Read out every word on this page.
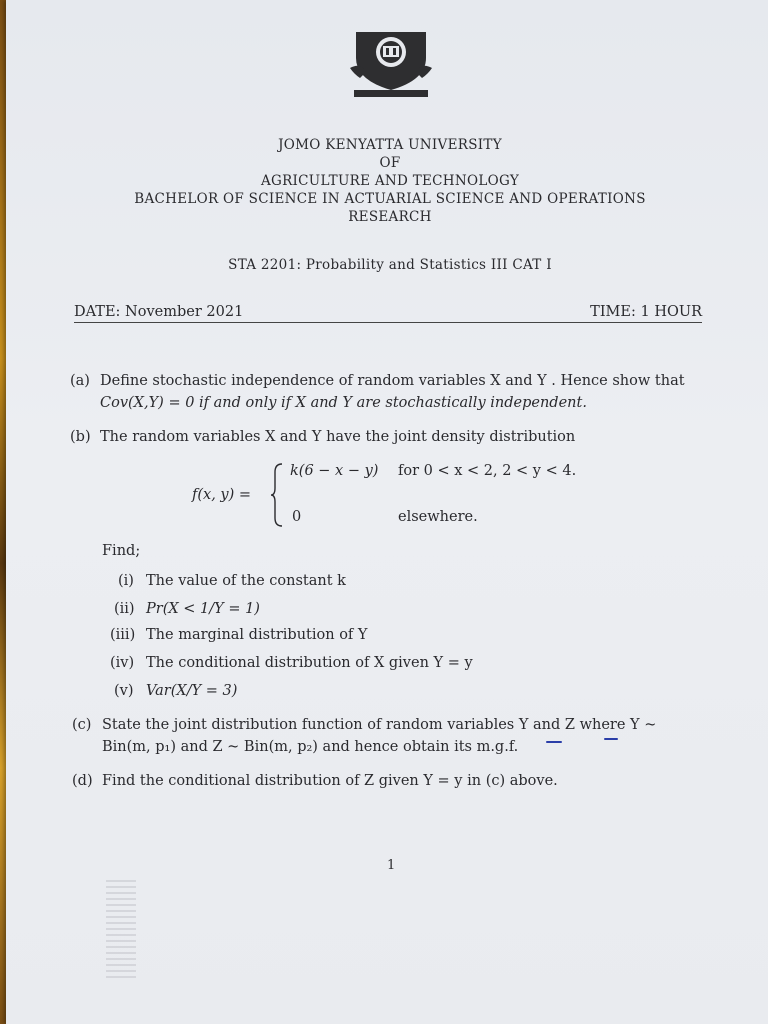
JOMO KENYATTA UNIVERSITY
OF
AGRICULTURE AND TECHNOLOGY
BACHELOR OF SCIENCE IN ACTUARIAL SCIENCE AND OPERATIONS
RESEARCH
STA 2201: Probability and Statistics III CAT I
DATE: November 2021	TIME: 1 HOUR
(a) Define stochastic independence of random variables X and Y . Hence show that
Cov(X,Y) = 0 if and only if X and Y are stochastically independent.
(b) The random variables X and Y have the joint density distribution
f(x, y) =
k(6 − x − y) for 0 < x < 2, 2 < y < 4.
0	elsewhere.
Find;
(i) The value of the constant k
(ii) Pr(X < 1/Y = 1)
(iii) The marginal distribution of Y
(iv) The conditional distribution of X given Y = y
(v) Var(X/Y = 3)
(c) State the joint distribution function of random variables Y and Z where Y ~
Bin(m, p₁) and Z ~ Bin(m, p₂) and hence obtain its m.g.f.
(d) Find the conditional distribution of Z given Y = y in (c) above.
1
